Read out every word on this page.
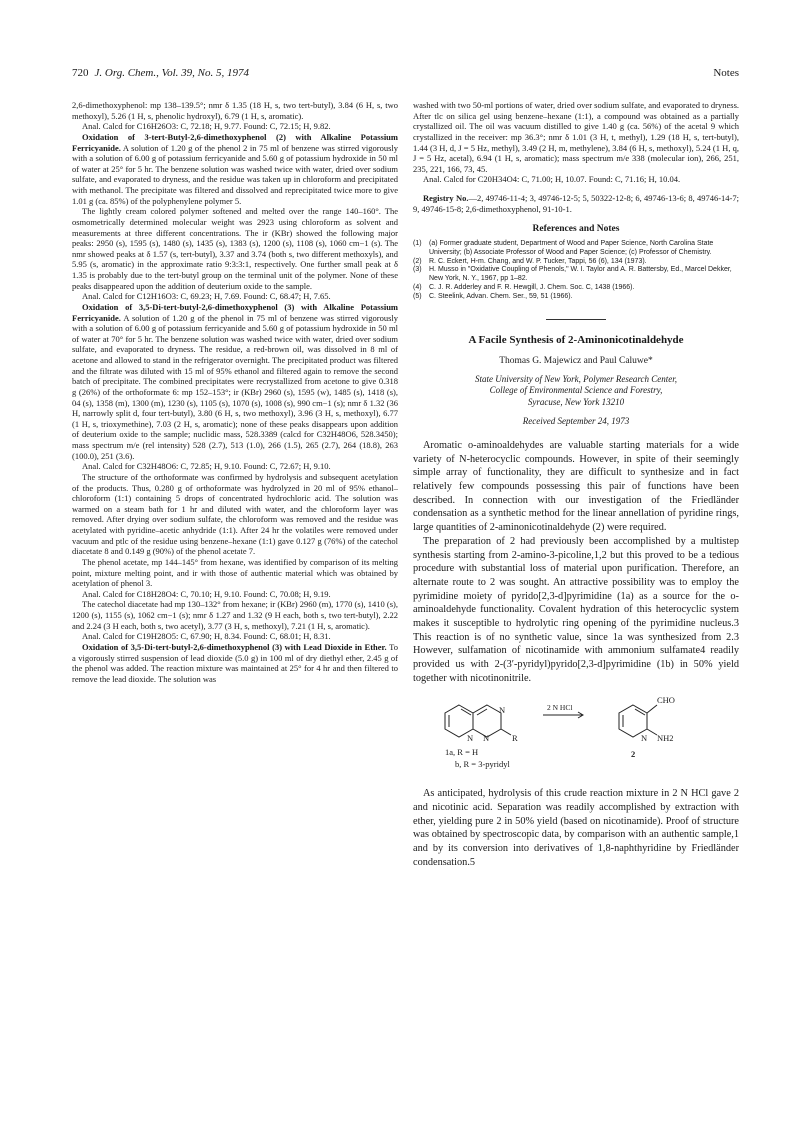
720 J. Org. Chem., Vol. 39, No. 5, 1974	Notes

2,6-dimethoxyphenol: mp 138–139.5°; nmr δ 1.35 (18 H, s, two tert-butyl), 3.84 (6 H, s, two methoxyl), 5.26 (1 H, s, phenolic hydroxyl), 6.79 (1 H, s, aromatic).

Anal. Calcd for C16H26O3: C, 72.18; H, 9.77. Found: C, 72.15; H, 9.82.

Oxidation of 3-tert-Butyl-2,6-dimethoxyphenol (2) with Alkaline Potassium Ferricyanide. A solution of 1.20 g of the phenol 2 in 75 ml of benzene was stirred vigorously with a solution of 6.00 g of potassium ferricyanide and 5.60 g of potassium hydroxide in 50 ml of water at 25° for 5 hr. The benzene solution was washed twice with water, dried over sodium sulfate, and evaporated to dryness, and the residue was taken up in chloroform and precipitated with methanol. The precipitate was filtered and dissolved and reprecipitated twice more to give 1.01 g (ca. 85%) of the polyphenylene polymer 5.

The lightly cream colored polymer softened and melted over the range 140–160°. The osmometrically determined molecular weight was 2923 using chloroform as solvent and measurements at three different concentrations. The ir (KBr) showed the following major peaks: 2950 (s), 1595 (s), 1480 (s), 1435 (s), 1383 (s), 1200 (s), 1108 (s), 1060 cm−1 (s). The nmr showed peaks at δ 1.57 (s, tert-butyl), 3.37 and 3.74 (both s, two different methoxyls), and 5.95 (s, aromatic) in the approximate ratio 9:3:3:1, respectively. One further small peak at δ 1.35 is probably due to the tert-butyl group on the terminal unit of the polymer. None of these peaks disappeared upon the addition of deuterium oxide to the sample.

Anal. Calcd for C12H16O3: C, 69.23; H, 7.69. Found: C, 68.47; H, 7.65.

Oxidation of 3,5-Di-tert-butyl-2,6-dimethoxyphenol (3) with Alkaline Potassium Ferricyanide. A solution of 1.20 g of the phenol in 75 ml of benzene was stirred vigorously with a solution of 6.00 g of potassium ferricyanide and 5.60 g of potassium hydroxide in 50 ml of water at 70° for 5 hr. The benzene solution was washed twice with water, dried over sodium sulfate, and evaporated to dryness. The residue, a red-brown oil, was dissolved in 8 ml of acetone and allowed to stand in the refrigerator overnight. The precipitated product was filtered and the filtrate was diluted with 15 ml of 95% ethanol and filtered again to remove the second batch of precipitate. The combined precipitates were recrystallized from acetone to give 0.318 g (26%) of the orthoformate 6: mp 152–153°; ir (KBr) 2960 (s), 1595 (w), 1485 (s), 1418 (s), 04 (s), 1358 (m), 1300 (m), 1230 (s), 1105 (s), 1070 (s), 1008 (s), 990 cm−1 (s); nmr δ 1.32 (36 H, narrowly split d, four tert-butyl), 3.80 (6 H, s, two methoxyl), 3.96 (3 H, s, methoxyl), 6.77 (1 H, s, trioxymethine), 7.03 (2 H, s, aromatic); none of these peaks disappears upon addition of deuterium oxide to the sample; nuclidic mass, 528.3389 (calcd for C32H48O6, 528.3450); mass spectrum m/e (rel intensity) 528 (2.7), 513 (1.0), 266 (1.5), 265 (2.7), 264 (18.8), 263 (100.0), 251 (3.6).

Anal. Calcd for C32H48O6: C, 72.85; H, 9.10. Found: C, 72.67; H, 9.10.

The structure of the orthoformate was confirmed by hydrolysis and subsequent acetylation of the products. Thus, 0.280 g of orthoformate was hydrolyzed in 20 ml of 95% ethanol–chloroform (1:1) containing 5 drops of concentrated hydrochloric acid. The solution was warmed on a steam bath for 1 hr and diluted with water, and the chloroform layer was removed. After drying over sodium sulfate, the chloroform was removed and the residue was acetylated with pyridine–acetic anhydride (1:1). After 24 hr the volatiles were removed under vacuum and ptlc of the residue using benzene–hexane (1:1) gave 0.127 g (76%) of the catechol diacetate 8 and 0.149 g (90%) of the phenol acetate 7.

The phenol acetate, mp 144–145° from hexane, was identified by comparison of its melting point, mixture melting point, and ir with those of authentic material which was obtained by acetylation of phenol 3.

Anal. Calcd for C18H28O4: C, 70.10; H, 9.10. Found: C, 70.08; H, 9.19.

The catechol diacetate had mp 130–132° from hexane; ir (KBr) 2960 (m), 1770 (s), 1410 (s), 1200 (s), 1155 (s), 1062 cm−1 (s); nmr δ 1.27 and 1.32 (9 H each, both s, two tert-butyl), 2.22 and 2.24 (3 H each, both s, two acetyl), 3.77 (3 H, s, methoxyl), 7.21 (1 H, s, aromatic).

Anal. Calcd for C19H28O5: C, 67.90; H, 8.34. Found: C, 68.01; H, 8.31.

Oxidation of 3,5-Di-tert-butyl-2,6-dimethoxyphenol (3) with Lead Dioxide in Ether. To a vigorously stirred suspension of lead dioxide (5.0 g) in 100 ml of dry diethyl ether, 2.45 g of the phenol was added. The reaction mixture was maintained at 25° for 4 hr and then filtered to remove the lead dioxide. The solution was

washed with two 50-ml portions of water, dried over sodium sulfate, and evaporated to dryness. After tlc on silica gel using benzene–hexane (1:1), a compound was obtained as a partially crystallized oil. The oil was vacuum distilled to give 1.40 g (ca. 56%) of the acetal 9 which crystallized in the receiver: mp 36.3°; nmr δ 1.01 (3 H, t, methyl), 1.29 (18 H, s, tert-butyl), 1.44 (3 H, d, J = 5 Hz, methyl), 3.49 (2 H, m, methylene), 3.84 (6 H, s, methoxyl), 5.24 (1 H, q, J = 5 Hz, acetal), 6.94 (1 H, s, aromatic); mass spectrum m/e 338 (molecular ion), 266, 251, 235, 221, 166, 73, 45.

Anal. Calcd for C20H34O4: C, 71.00; H, 10.07. Found: C, 71.16; H, 10.04.

Registry No.—2, 49746-11-4; 3, 49746-12-5; 5, 50322-12-8; 6, 49746-13-6; 8, 49746-14-7; 9, 49746-15-8; 2,6-dimethoxyphenol, 91-10-1.

References and Notes
(1)	(a) Former graduate student, Department of Wood and Paper Science, North Carolina State University; (b) Associate Professor of Wood and Paper Science; (c) Professor of Chemistry.
(2)	R. C. Eckert, H-m. Chang, and W. P. Tucker, Tappi, 56 (6), 134 (1973).
(3)	H. Musso in "Oxidative Coupling of Phenols," W. I. Taylor and A. R. Battersby, Ed., Marcel Dekker, New York, N. Y., 1967, pp 1–82.
(4)	C. J. R. Adderley and F. R. Hewgill, J. Chem. Soc. C, 1438 (1966).
(5)	C. Steelink, Advan. Chem. Ser., 59, 51 (1966).
A Facile Synthesis of 2-Aminonicotinaldehyde
Thomas G. Majewicz and Paul Caluwe*
State University of New York, Polymer Research Center,
College of Environmental Science and Forestry,
Syracuse, New York 13210
Received September 24, 1973

Aromatic o-aminoaldehydes are valuable starting materials for a wide variety of N-heterocyclic compounds. However, in spite of their seemingly simple array of functionality, they are difficult to synthesize and in fact relatively few compounds possessing this pair of functions have been described. In connection with our investigation of the Friedländer condensation as a synthetic method for the linear annellation of pyridine rings, large quantities of 2-aminonicotinaldehyde (2) were required.

The preparation of 2 had previously been accomplished by a multistep synthesis starting from 2-amino-3-picoline,1,2 but this proved to be a tedious procedure with substantial loss of material upon purification. Therefore, an alternate route to 2 was sought. An attractive possibility was to employ the pyrimidine moiety of pyrido[2,3-d]pyrimidine (1a) as a source for the o-aminoaldehyde functionality. Covalent hydration of this heterocyclic system makes it susceptible to hydrolytic ring opening of the pyrimidine nucleus.3 This reaction is of no synthetic value, since 1a was synthesized from 2.3 However, sulfamation of nicotinamide with ammonium sulfamate4 readily provided us with 2-(3′-pyridyl)pyrido[2,3-d]pyrimidine (1b) in 50% yield together with nicotinonitrile.

N
N N	R
2 N HCl
CHO
N NH2
1a, R = H
b, R = 3-pyridyl
2

As anticipated, hydrolysis of this crude reaction mixture in 2 N HCl gave 2 and nicotinic acid. Separation was readily accomplished by extraction with ether, yielding pure 2 in 50% yield (based on nicotinamide). Proof of structure was obtained by spectroscopic data, by comparison with an authentic sample,1 and by its conversion into derivatives of 1,8-naphthyridine by Friedländer condensation.5
